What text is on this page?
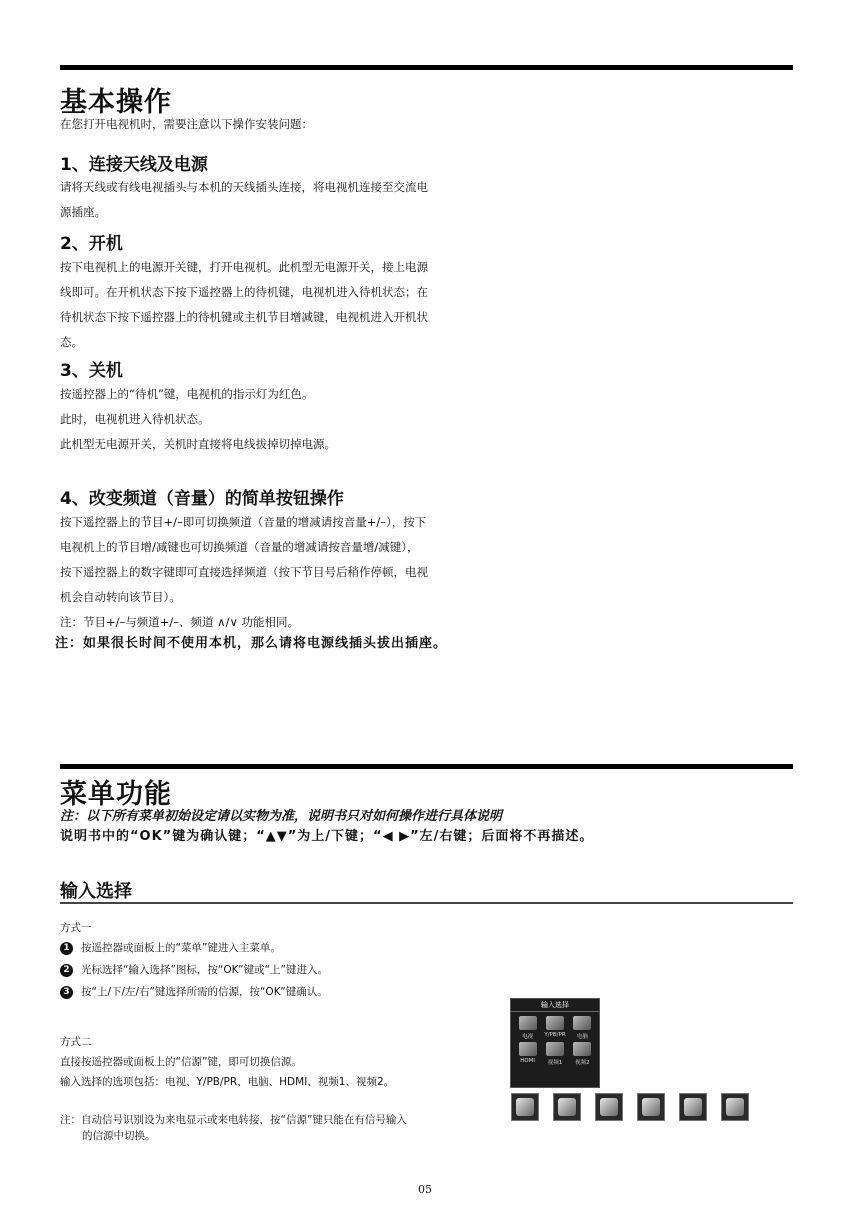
基本操作
在您打开电视机时，需要注意以下操作安装问题：
1、连接天线及电源
请将天线或有线电视插头与本机的天线插头连接，将电视机连接至交流电
源插座。
2、开机
按下电视机上的电源开关键，打开电视机。此机型无电源开关，接上电源
线即可。在开机状态下按下遥控器上的待机键，电视机进入待机状态；在
待机状态下按下遥控器上的待机键或主机节目增减键，电视机进入开机状
态。
3、关机
按遥控器上的“待机”键，电视机的指示灯为红色。
此时，电视机进入待机状态。
此机型无电源开关，关机时直接将电线拔掉切掉电源。
4、改变频道（音量）的简单按钮操作
按下遥控器上的节目+/–即可切换频道（音量的增减请按音量+/–），按下
电视机上的节目增/减键也可切换频道（音量的增减请按音量增/减键），
按下遥控器上的数字键即可直接选择频道（按下节目号后稍作停顿，电视
机会自动转向该节目）。
注：节目+/–与频道+/–、频道 ∧/∨ 功能相同。
注：如果很长时间不使用本机，那么请将电源线插头拔出插座。
菜单功能
注：以下所有菜单初始设定请以实物为准，说明书只对如何操作进行具体说明
说明书中的“OK”键为确认键；“▲▼”为上/下键；“◀ ▶”左/右键；后面将不再描述。
输入选择
方式一
1 按遥控器或面板上的“菜单”键进入主菜单。
2 光标选择“输入选择”图标，按“OK”键或“上”键进入。
3 按“上/下/左/右”键选择所需的信源，按“OK”键确认。
方式二
直接按遥控器或面板上的“信源”键，即可切换信源。
输入选择的选项包括：电视、Y/PB/PR、电脑、HDMI、视频1、视频2。
注：自动信号识别设为来电显示或来电转接，按“信源”键只能在有信号输入
的信源中切换。
输入选择
电视 Y/PB/PR 电脑
HDMI 视频1 视频2
05
